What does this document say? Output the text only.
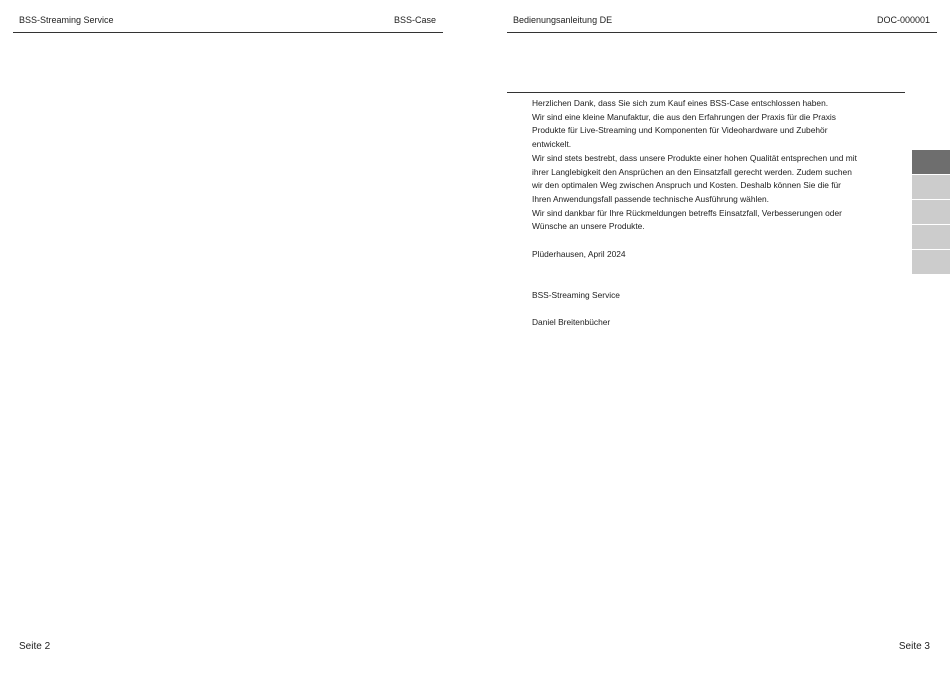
BSS-Streaming Service	BSS-Case
Seite 2
Bedienungsanleitung DE	DOC-000001

Herzlichen Dank, dass Sie sich zum Kauf eines BSS-Case entschlossen haben.

Wir sind eine kleine Manufaktur, die aus den Erfahrungen der Praxis für die Praxis

Produkte für Live-Streaming und Komponenten für Videohardware und Zubehör

entwickelt.

Wir sind stets bestrebt, dass unsere Produkte einer hohen Qualität entsprechen und mit

ihrer Langlebigkeit den Ansprüchen an den Einsatzfall gerecht werden. Zudem suchen

wir den optimalen Weg zwischen Anspruch und Kosten. Deshalb können Sie die für

Ihren Anwendungsfall passende technische Ausführung wählen.

Wir sind dankbar für Ihre Rückmeldungen betreffs Einsatzfall, Verbesserungen oder

Wünsche an unsere Produkte.

Plüderhausen, April 2024

BSS-Streaming Service

Daniel Breitenbücher

Seite 3
